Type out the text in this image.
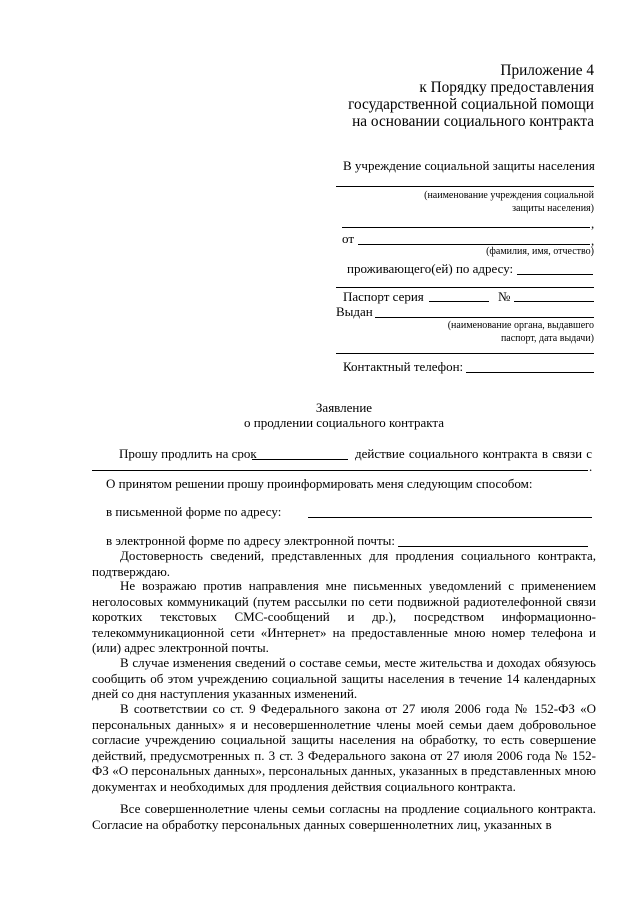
Приложение 4
к Порядку предоставления
государственной социальной помощи
на основании социального контракта
В учреждение социальной защиты населения
(наименование учреждения социальной
защиты населения)
,
от	,
(фамилия, имя, отчество)
проживающего(ей) по адресу:
Паспорт серия	№
Выдан
(наименование органа, выдавшего
паспорт, дата выдачи)
Контактный телефон:
Заявление
о продлении социального контракта
Прошу продлить на срок	действие социального контракта в связи с
.
О принятом решении прошу проинформировать меня следующим способом:
в письменной форме по адресу:
в электронной форме по адресу электронной почты:
Достоверность сведений, представленных для продления социального контракта, подтверждаю.
Не возражаю против направления мне письменных уведомлений с применением неголосовых коммуникаций (путем рассылки по сети подвижной радиотелефонной связи коротких текстовых СМС-сообщений и др.), посредством информационно-телекоммуникационной сети «Интернет» на предоставленные мною номер телефона и (или) адрес электронной почты.
В случае изменения сведений о составе семьи, месте жительства и доходах обязуюсь сообщить об этом учреждению социальной защиты населения в течение 14 календарных дней со дня наступления указанных изменений.
В соответствии со ст. 9 Федерального закона от 27 июля 2006 года № 152-ФЗ «О персональных данных» я и несовершеннолетние члены моей семьи даем добровольное согласие учреждению социальной защиты населения на обработку, то есть совершение действий, предусмотренных п. 3 ст. 3 Федерального закона от 27 июля 2006 года № 152-ФЗ «О персональных данных», персональных данных, указанных в представленных мною документах и необходимых для продления действия социального контракта.
Все совершеннолетние члены семьи согласны на продление социального контракта. Согласие на обработку персональных данных совершеннолетних лиц, указанных в
